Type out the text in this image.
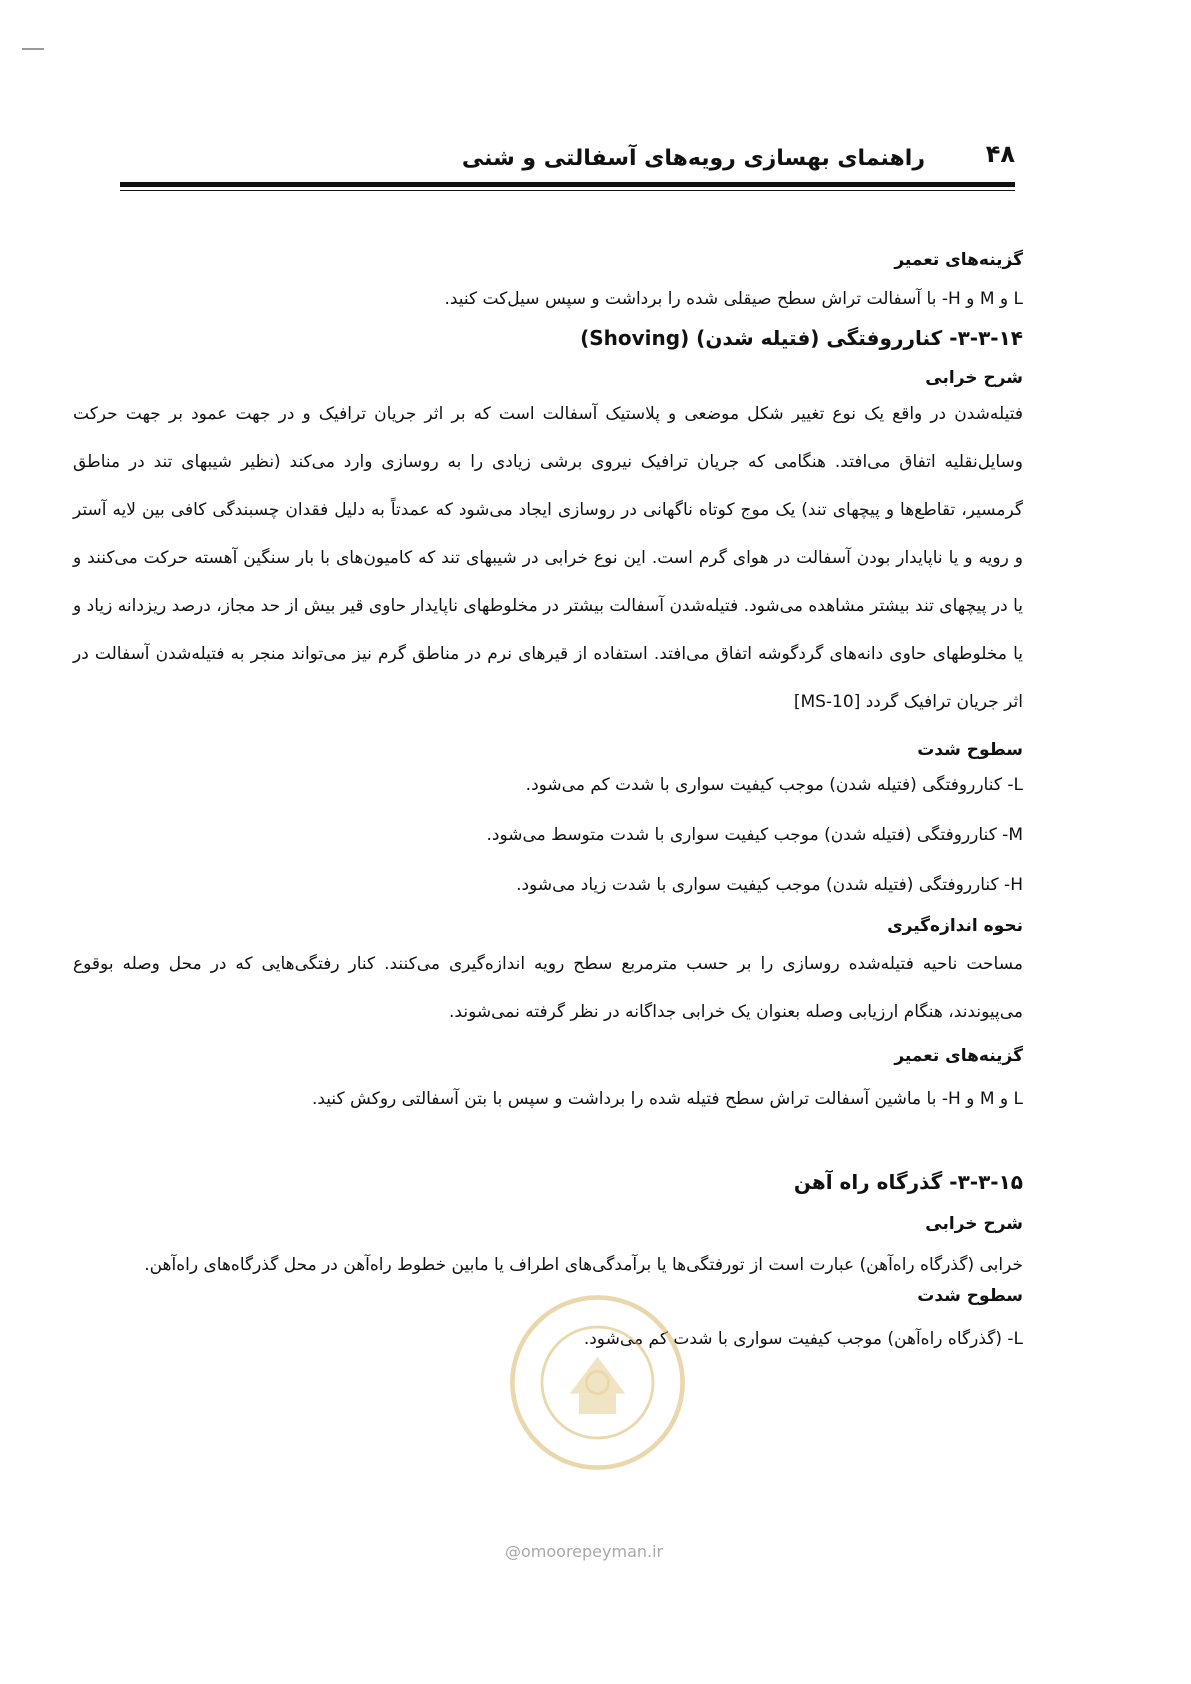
راهنمای بهسازی رویه‌های آسفالتی و شنی	۴۸

گزینه‌های تعمیر

L و M و H- با آسفالت تراش سطح صیقلی شده را برداشت و سپس سیل‌کت کنید.

۳-۳-۱۴- کنارروفتگی (فتیله شدن) (Shoving)

شرح خرابی

فتیله‌شدن در واقع یک نوع تغییر شکل موضعی و پلاستیک آسفالت است که بر اثر جریان ترافیک و در جهت عمود بر جهت حرکت وسایل‌نقلیه اتفاق می‌افتد. هنگامی که جریان ترافیک نیروی برشی زیادی را به روسازی وارد می‌کند (نظیر شیبهای تند در مناطق گرمسیر، تقاطع‌ها و پیچهای تند) یک موج کوتاه ناگهانی در روسازی ایجاد می‌شود که عمدتاً به دلیل فقدان چسبندگی کافی بین لایه آستر و رویه و یا ناپایدار بودن آسفالت در هوای گرم است. این نوع خرابی در شیبهای تند که کامیون‌های با بار سنگین آهسته حرکت می‌کنند و یا در پیچهای تند بیشتر مشاهده می‌شود. فتیله‌شدن آسفالت بیشتر در مخلوطهای ناپایدار حاوی قیر بیش از حد مجاز، درصد ریزدانه زیاد و یا مخلوطهای حاوی دانه‌های گردگوشه اتفاق می‌افتد. استفاده از قیرهای نرم در مناطق گرم نیز می‌تواند منجر به فتیله‌شدن آسفالت در اثر جریان ترافیک گردد [MS-10]

سطوح شدت

L- کنارروفتگی (فتیله شدن) موجب کیفیت سواری با شدت کم می‌شود.

M- کنارروفتگی (فتیله شدن) موجب کیفیت سواری با شدت متوسط می‌شود.

H- کنارروفتگی (فتیله شدن) موجب کیفیت سواری با شدت زیاد می‌شود.

نحوه اندازه‌گیری

مساحت ناحیه فتیله‌شده روسازی را بر حسب مترمربع سطح رویه اندازه‌گیری می‌کنند. کنار رفتگی‌هایی که در محل وصله بوقوع می‌پیوندند، هنگام ارزیابی وصله بعنوان یک خرابی جداگانه در نظر گرفته نمی‌شوند.

گزینه‌های تعمیر

L و M و H- با ماشین آسفالت تراش سطح فتیله شده را برداشت و سپس با بتن آسفالتی روکش کنید.

۳-۳-۱۵- گذرگاه راه آهن

شرح خرابی

خرابی (گذرگاه راه‌آهن) عبارت است از تورفتگی‌ها یا برآمدگی‌های اطراف یا مابین خطوط راه‌آهن در محل گذرگاه‌های راه‌آهن.

سطوح شدت

L- (گذرگاه راه‌آهن) موجب کیفیت سواری با شدت کم می‌شود.

@omoorepeyman.ir
